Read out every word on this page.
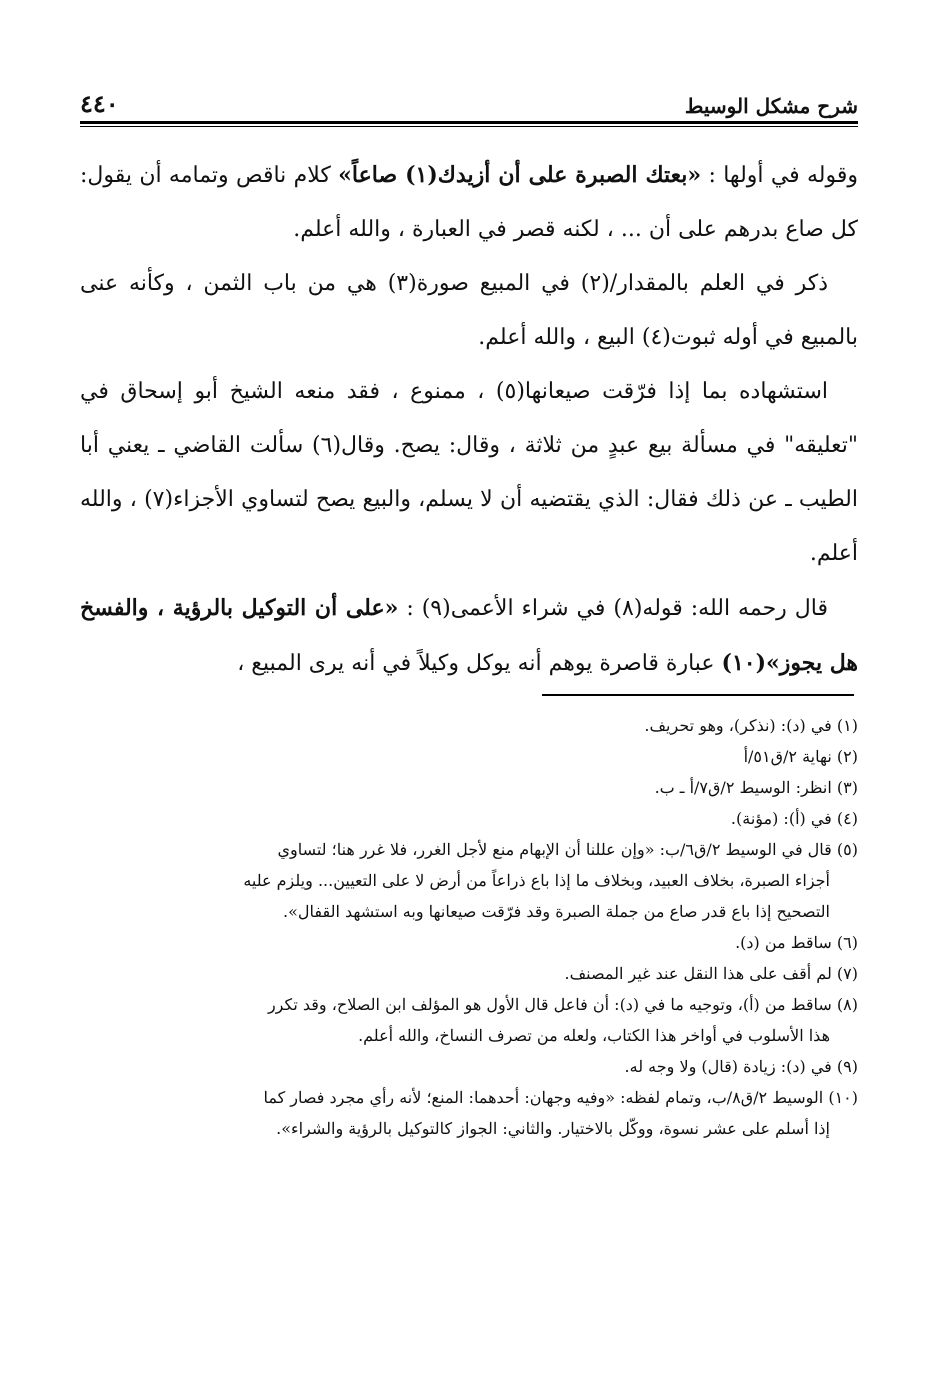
٤٤٠	شرح مشكل الوسيط

وقوله في أولها : «بعتك الصبرة على أن أزيدك(١) صاعاً» كلام ناقص وتمامه أن يقول: كل صاع بدرهم على أن ... ، لكنه قصر في العبارة ، والله أعلم.

ذكر في العلم بالمقدار/(٢) في المبيع صورة(٣) هي من باب الثمن ، وكأنه عنى بالمبيع في أوله ثبوت(٤) البيع ، والله أعلم.

استشهاده بما إذا فرّقت صيعانها(٥) ، ممنوع ، فقد منعه الشيخ أبو إسحاق في "تعليقه" في مسألة بيع عبدٍ من ثلاثة ، وقال: يصح. وقال(٦) سألت القاضي ـ يعني أبا الطيب ـ عن ذلك فقال: الذي يقتضيه أن لا يسلم، والبيع يصح لتساوي الأجزاء(٧) ، والله أعلم.

قال رحمه الله: قوله(٨) في شراء الأعمى(٩) : «على أن التوكيل بالرؤية ، والفسخ هل يجوز»(١٠) عبارة قاصرة يوهم أنه يوكل وكيلاً في أنه يرى المبيع ،

(١) في (د): (نذكر)، وهو تحريف.

(٢) نهاية ٢/ق٥١/أ

(٣) انظر: الوسيط ٢/ق٧/أ ـ ب.

(٤) في (أ): (مؤنة).

(٥) قال في الوسيط ٢/ق٦/ب: «وإن عللنا أن الإبهام منع لأجل الغرر، فلا غرر هنا؛ لتساوي

أجزاء الصبرة، بخلاف العبيد، وبخلاف ما إذا باع ذراعاً من أرض لا على التعيين... ويلزم عليه

التصحيح إذا باع قدر صاع من جملة الصبرة وقد فرّقت صيعانها وبه استشهد القفال».

(٦) ساقط من (د).

(٧) لم أقف على هذا النقل عند غير المصنف.

(٨) ساقط من (أ)، وتوجيه ما في (د): أن فاعل قال الأول هو المؤلف ابن الصلاح، وقد تكرر

هذا الأسلوب في أواخر هذا الكتاب، ولعله من تصرف النساخ، والله أعلم.

(٩) في (د): زيادة (قال) ولا وجه له.

(١٠) الوسيط ٢/ق٨/ب، وتمام لفظه: «وفيه وجهان: أحدهما: المنع؛ لأنه رأي مجرد فصار كما

إذا أسلم على عشر نسوة، ووكّل بالاختيار. والثاني: الجواز كالتوكيل بالرؤية والشراء».
